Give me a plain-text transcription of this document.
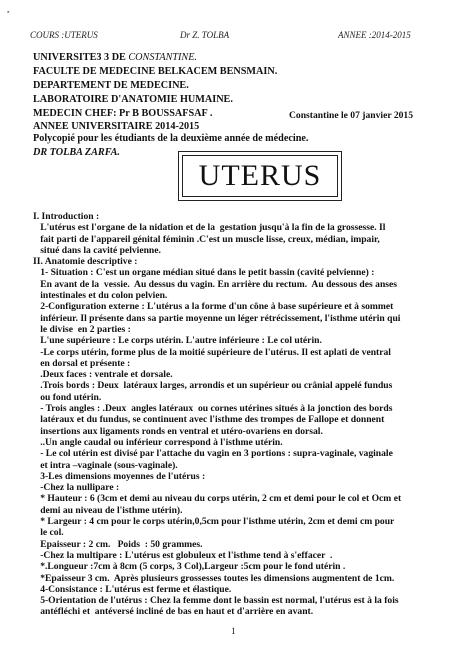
▪
COURS :UTERUS	Dr Z. TOLBA	ANNEE :2014-2015
UNIVERSITE3 3 DE CONSTANTINE.
FACULTE DE MEDECINE BELKACEM BENSMAIN.
DEPARTEMENT DE MEDECINE.
LABORATOIRE D'ANATOMIE HUMAINE.
MEDECIN CHEF: Pr B BOUSSAFSAF .	Constantine le 07 janvier 2015
ANNEE UNIVERSITAIRE 2014-2015
Polycopié pour les étudiants de la deuxième année de médecine.
DR TOLBA ZARFA.
UTERUS
I. Introduction :
L'utérus est l'organe de la nidation et de la  gestation jusqu'à la fin de la grossesse. Il
fait parti de l'appareil génital féminin .C'est un muscle lisse, creux, médian, impair,
situé dans la cavité pelvienne.
II. Anatomie descriptive :
1- Situation : C'est un organe médian situé dans le petit bassin (cavité pelvienne) :
En avant de la  vessie.  Au dessus du vagin. En arrière du rectum.  Au dessous des anses
intestinales et du colon pelvien.
2-Configuration externe : L'utérus a la forme d'un cône à base supérieure et à sommet
inférieur. Il présente dans sa partie moyenne un léger rétrécissement, l'isthme utérin qui
le divise  en 2 parties :
L'une supérieure : Le corps utérin. L'autre inférieure : Le col utérin.
-Le corps utérin, forme plus de la moitié supérieure de l'utérus. Il est aplati de ventral
en dorsal et présente :
.Deux faces : ventrale et dorsale.
.Trois bords : Deux  latéraux larges, arrondis et un supérieur ou crânial appelé fundus
ou fond utérin.
- Trois angles : .Deux  angles latéraux  ou cornes utérines situés à la jonction des bords
latéraux et du fundus, se continuent avec l'isthme des trompes de Fallope et donnent
insertions aux ligaments ronds en ventral et utéro-ovariens en dorsal.
..Un angle caudal ou inférieur correspond à l'isthme utérin.
- Le col utérin est divisé par l'attache du vagin en 3 portions : supra-vaginale, vaginale
et intra –vaginale (sous-vaginale).
3-Les dimensions moyennes de l'utérus :
-Chez la nullipare :
* Hauteur : 6 (3cm et demi au niveau du corps utérin, 2 cm et demi pour le col et Ocm et
demi au niveau de l'isthme utérin).
* Largeur : 4 cm pour le corps utérin,0,5cm pour l'isthme utérin, 2cm et demi cm pour
le col.
Epaisseur : 2 cm.   Poids  : 50 grammes.
-Chez la multipare : L'utérus est globuleux et l'isthme tend à s'effacer  .
*.Longueur :7cm à 8cm (5 corps, 3 Col),Largeur :5cm pour le fond utérin .
*Epaisseur 3 cm.  Après plusieurs grossesses toutes les dimensions augmentent de 1cm.
4-Consistance : L'utérus est ferme et élastique.
5-Orientation de l'utérus : Chez la femme dont le bassin est normal, l'utérus est à la fois
antéfléchi et  antéversé incliné de bas en haut et d'arrière en avant.
1
